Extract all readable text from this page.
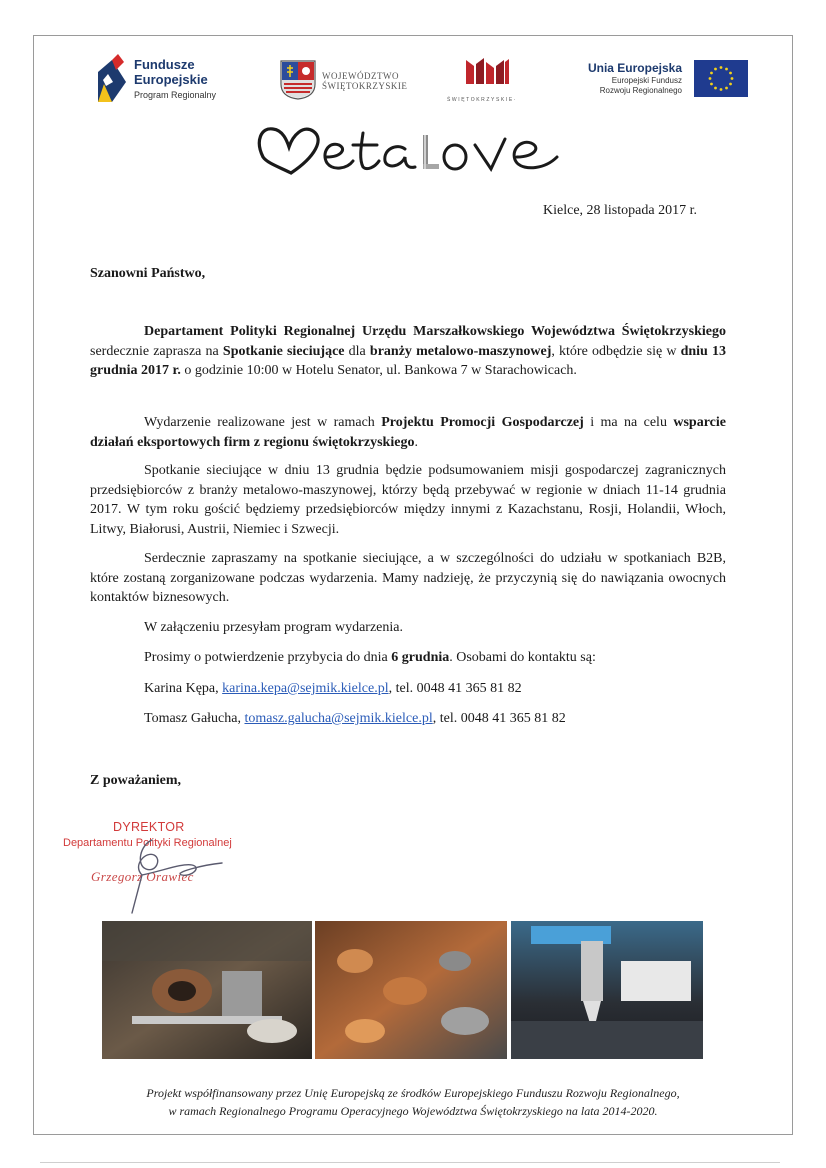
Fundusze
Europejskie
Program Regionalny
WOJEWÓDZTWO
ŚWIĘTOKRZYSKIE
ŚWIĘTOKRZYSKIE·
Unia Europejska
Europejski Fundusz
Rozwoju Regionalnego
Kielce, 28 listopada 2017 r.
Szanowni Państwo,
Departament Polityki Regionalnej Urzędu Marszałkowskiego Województwa Świętokrzyskiego serdecznie zaprasza na Spotkanie sieciujące dla branży metalowo-maszynowej, które odbędzie się w dniu 13 grudnia 2017 r. o godzinie 10:00 w Hotelu Senator, ul. Bankowa 7 w Starachowicach.
Wydarzenie realizowane jest w ramach Projektu Promocji Gospodarczej i ma na celu wsparcie działań eksportowych firm z regionu świętokrzyskiego.
Spotkanie sieciujące w dniu 13 grudnia będzie podsumowaniem misji gospodarczej zagranicznych przedsiębiorców z branży metalowo-maszynowej, którzy będą przebywać w regionie w dniach 11-14 grudnia 2017. W tym roku gościć będziemy przedsiębiorców między innymi z Kazachstanu, Rosji, Holandii, Włoch, Litwy, Białorusi, Austrii, Niemiec i Szwecji.
Serdecznie zapraszamy na spotkanie sieciujące, a w szczególności do udziału w spotkaniach B2B, które zostaną zorganizowane podczas wydarzenia. Mamy nadzieję, że przyczynią się do nawiązania owocnych kontaktów biznesowych.
W załączeniu przesyłam program wydarzenia.
Prosimy o potwierdzenie przybycia do dnia 6 grudnia. Osobami do kontaktu są:
Karina Kępa, karina.kepa@sejmik.kielce.pl, tel. 0048 41 365 81 82
Tomasz Gałucha, tomasz.galucha@sejmik.kielce.pl, tel. 0048 41 365 81 82
Z poważaniem,
DYREKTOR
Departamentu Polityki Regionalnej
Grzegorz Orawiec
Projekt współfinansowany przez Unię Europejską ze środków Europejskiego Funduszu Rozwoju Regionalnego,
w ramach Regionalnego Programu Operacyjnego Województwa Świętokrzyskiego na lata 2014-2020.
